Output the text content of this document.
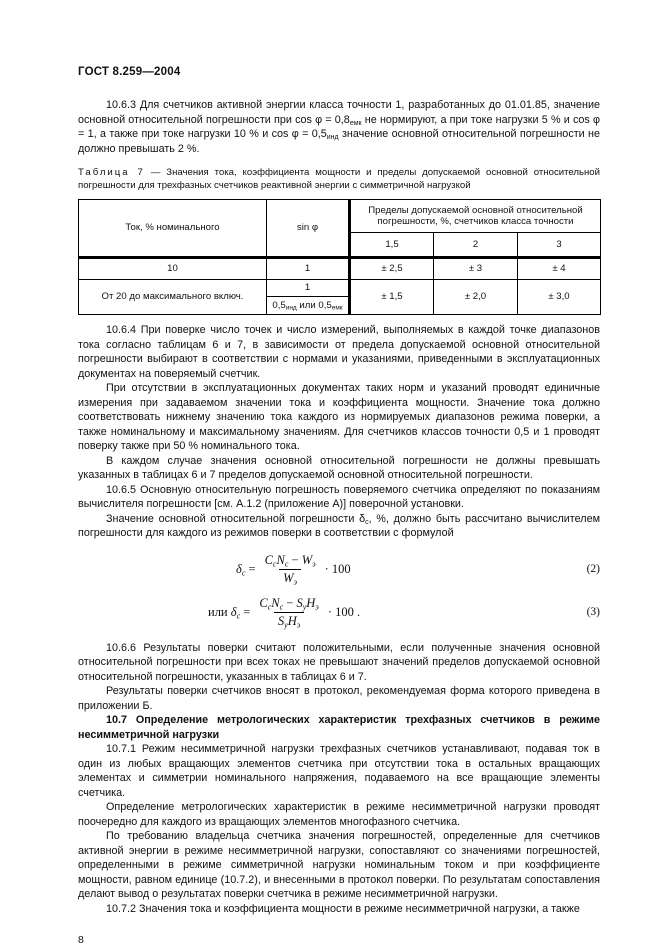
ГОСТ 8.259—2004

10.6.3 Для счетчиков активной энергии класса точности 1, разработанных до 01.01.85, значение основной относительной погрешности при $\cos \varphi = 0,8_{емк}$ не нормируют, а при токе нагрузки 5 % и cos φ = 1, а также при токе нагрузки 10 % и $\cos \varphi = 0,5_{инд}$ значение основной относительной погрешности не должно превышать 2 %.

Таблица 7 — Значения тока, коэффициента мощности и пределы допускаемой основной относительной погрешности для трехфазных счетчиков реактивной энергии с симметричной нагрузкой
Ток, % номинального	sin φ	Пределы допускаемой основной относительной погрешности, %, счетчиков класса точности		
		1,5	2	3
10	1	± 2,5	± 3	± 4
От 20 до максимального включ.	1	± 1,5	± 2,0	± 3,0
	$0,5_{инд}$ или $0,5_{емк}$

10.6.4 При поверке число точек и число измерений, выполняемых в каждой точке диапазонов тока согласно таблицам 6 и 7, в зависимости от предела допускаемой основной относительной погрешности выбирают в соответствии с нормами и указаниями, приведенными в эксплуатационных документах на поверяемый счетчик.

При отсутствии в эксплуатационных документах таких норм и указаний проводят единичные измерения при задаваемом значении тока и коэффициента мощности. Значение тока должно соответствовать нижнему значению тока каждого из нормируемых диапазонов режима поверки, а также номинальному и максимальному значениям. Для счетчиков классов точности 0,5 и 1 проводят поверку также при 50 % номинального тока.

В каждом случае значения основной относительной погрешности не должны превышать указанных в таблицах 6 и 7 пределов допускаемой основной относительной погрешности.

10.6.5 Основную относительную погрешность поверяемого счетчика определяют по показаниям вычислителя погрешности [см. А.1.2 (приложение А)] поверочной установки.

Значение основной относительной погрешности $\delta_с$, %, должно быть рассчитано вычислителем погрешности для каждого из режимов поверки в соответствии с формулой

$\delta_с = \frac{С_сN_с - W_э}{W_э} \cdot 100$	(2)
или $\delta_с = \frac{С_сN_с - S_уH_э}{S_уH_э} \cdot 100$ .	(3)

10.6.6 Результаты поверки считают положительными, если полученные значения основной относительной погрешности при всех токах не превышают значений пределов допускаемой основной относительной погрешности, указанных в таблицах 6 и 7.

Результаты поверки счетчиков вносят в протокол, рекомендуемая форма которого приведена в приложении Б.

10.7 Определение метрологических характеристик трехфазных счетчиков в режиме несимметричной нагрузки

10.7.1 Режим несимметричной нагрузки трехфазных счетчиков устанавливают, подавая ток в один из любых вращающих элементов счетчика при отсутствии тока в остальных вращающих элементах и симметрии номинального напряжения, подаваемого на все вращающие элементы счетчика.

Определение метрологических характеристик в режиме несимметричной нагрузки проводят поочередно для каждого из вращающих элементов многофазного счетчика.

По требованию владельца счетчика значения погрешностей, определенные для счетчиков активной энергии в режиме несимметричной нагрузки, сопоставляют со значениями погрешностей, определенными в режиме симметричной нагрузки номинальным током и при коэффициенте мощности, равном единице (10.7.2), и внесенными в протокол поверки. По результатам сопоставления делают вывод о результатах поверки счетчика в режиме несимметричной нагрузки.

10.7.2 Значения тока и коэффициента мощности в режиме несимметричной нагрузки, а также

8
